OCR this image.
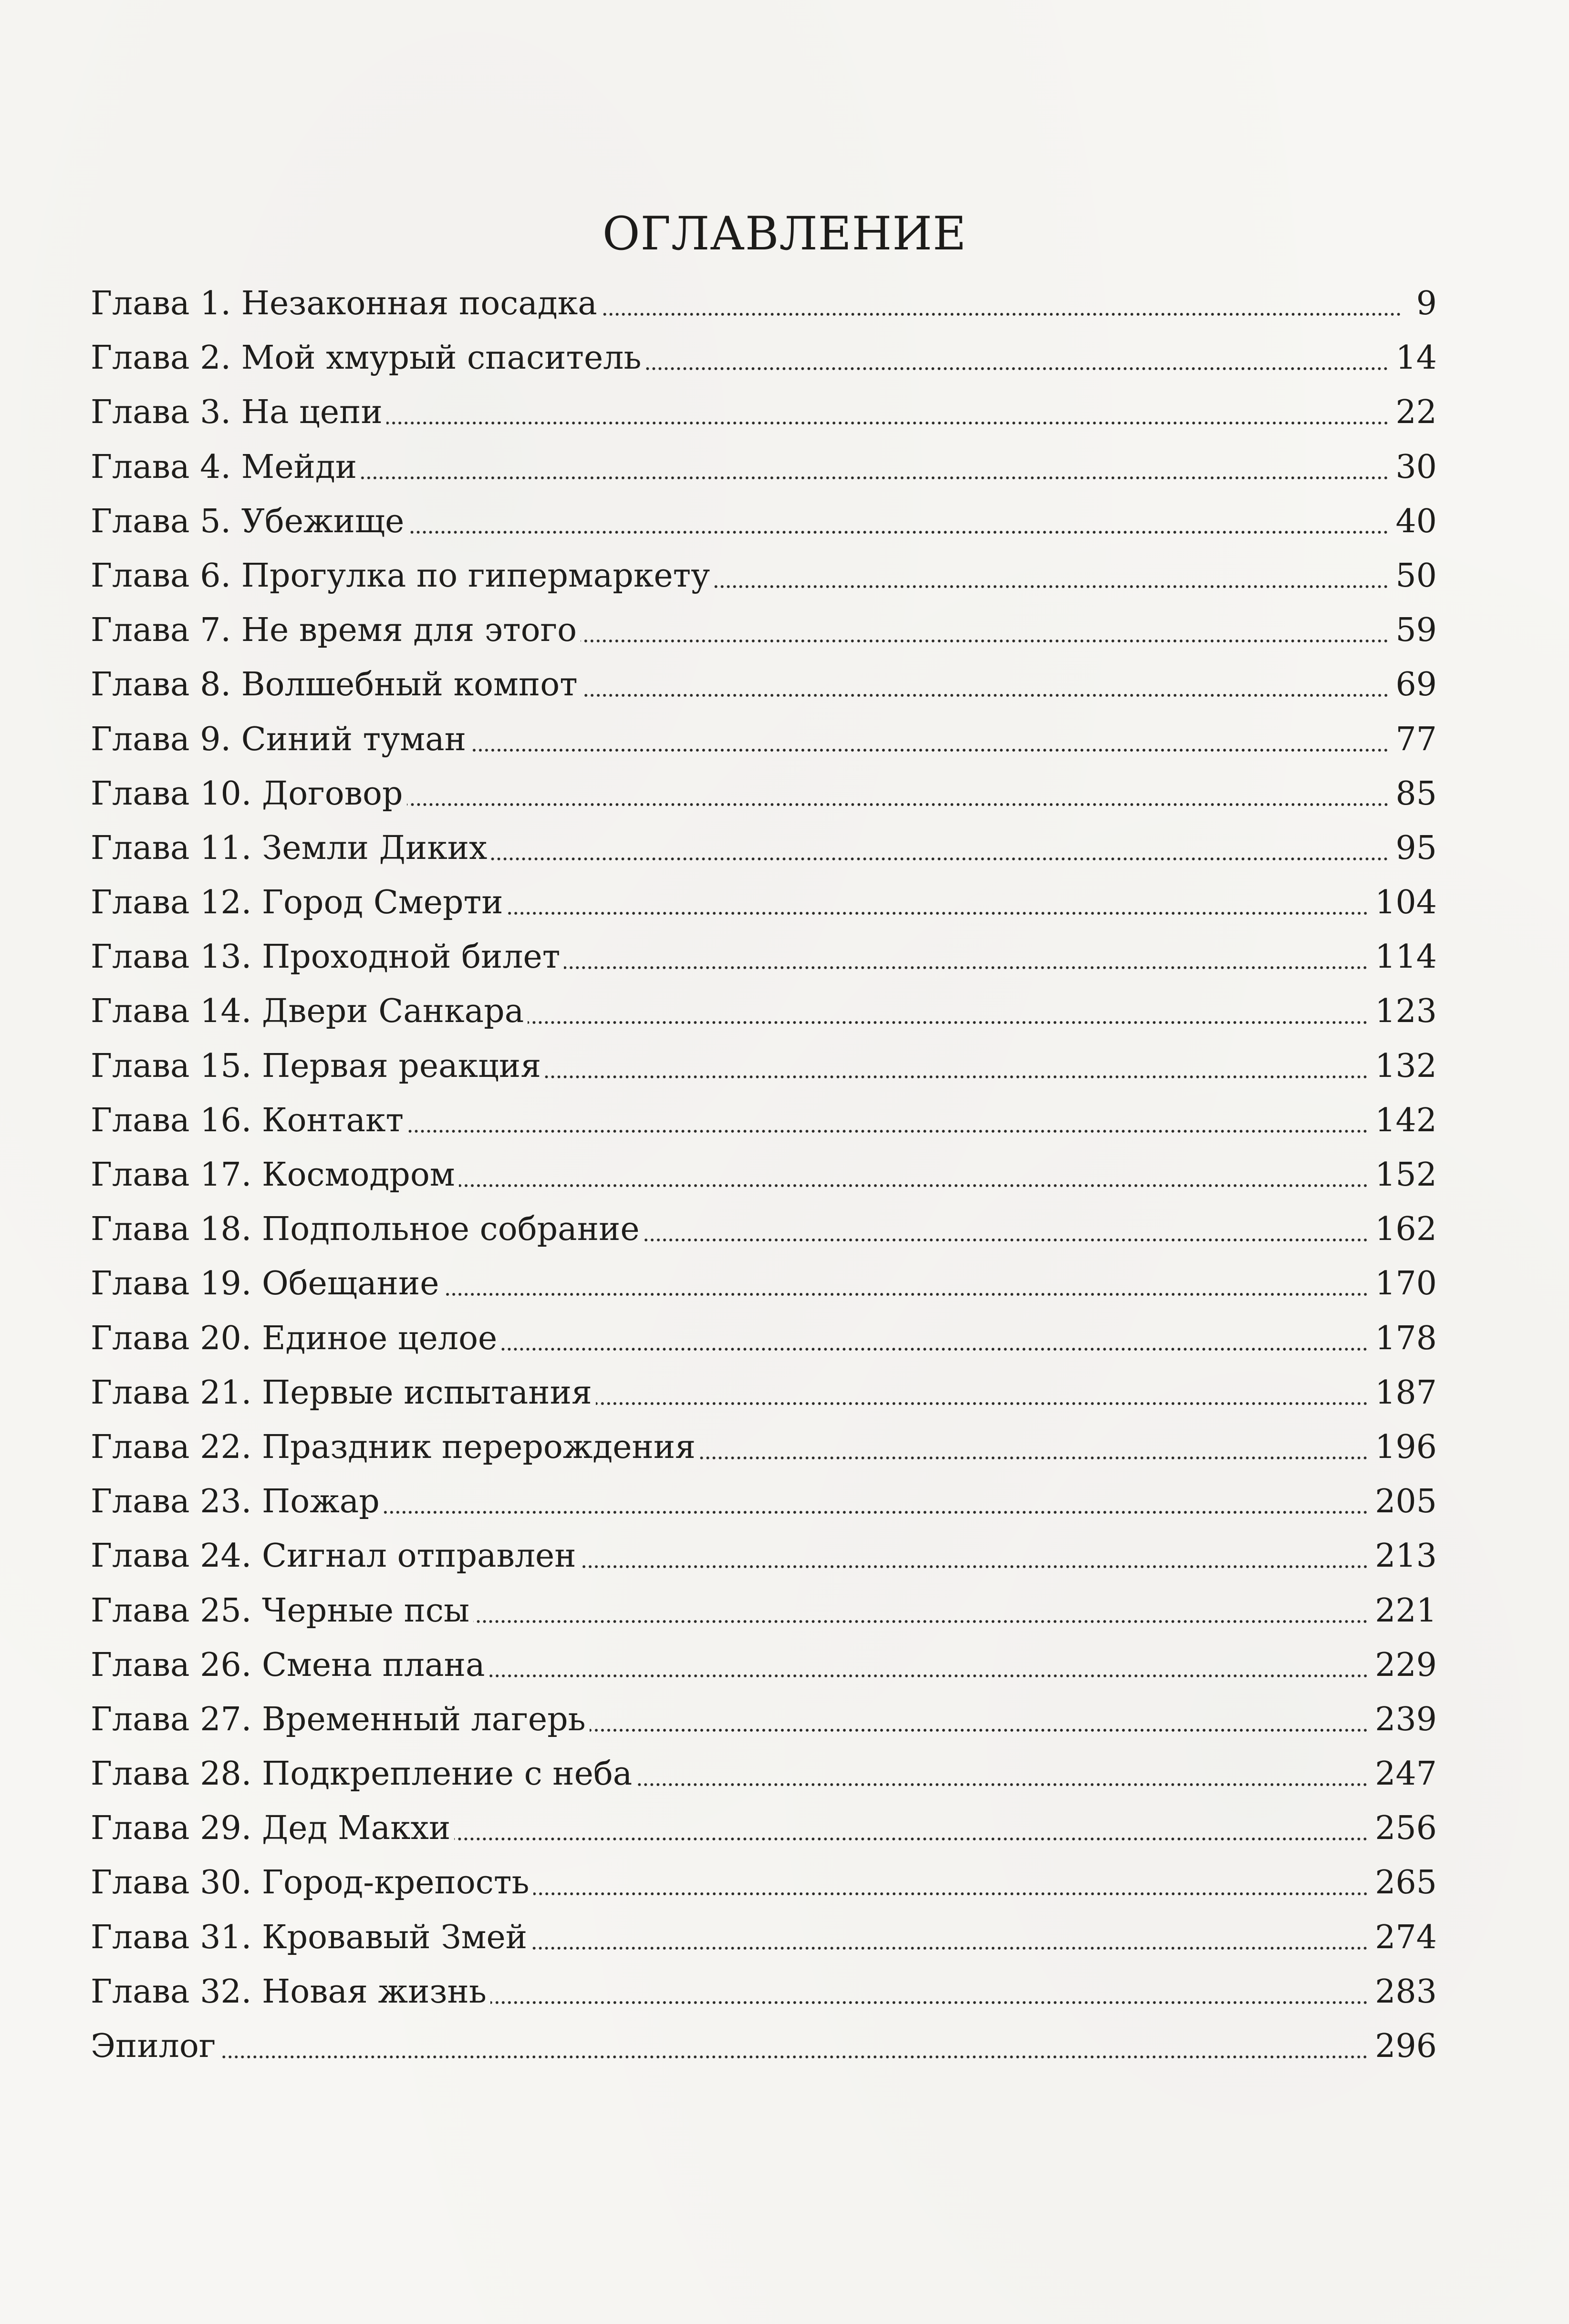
ОГЛАВЛЕНИЕ
Глава 1. Незаконная посадка	9
Глава 2. Мой хмурый спаситель	14
Глава 3. На цепи	22
Глава 4. Мейди	30
Глава 5. Убежище	40
Глава 6. Прогулка по гипермаркету	50
Глава 7. Не время для этого	59
Глава 8. Волшебный компот	69
Глава 9. Синий туман	77
Глава 10. Договор	85
Глава 11. Земли Диких	95
Глава 12. Город Смерти	104
Глава 13. Проходной билет	114
Глава 14. Двери Санкара	123
Глава 15. Первая реакция	132
Глава 16. Контакт	142
Глава 17. Космодром	152
Глава 18. Подпольное собрание	162
Глава 19. Обещание	170
Глава 20. Единое целое	178
Глава 21. Первые испытания	187
Глава 22. Праздник перерождения	196
Глава 23. Пожар	205
Глава 24. Сигнал отправлен	213
Глава 25. Черные псы	221
Глава 26. Смена плана	229
Глава 27. Временный лагерь	239
Глава 28. Подкрепление с неба	247
Глава 29. Дед Макхи	256
Глава 30. Город-крепость	265
Глава 31. Кровавый Змей	274
Глава 32. Новая жизнь	283
Эпилог	296
